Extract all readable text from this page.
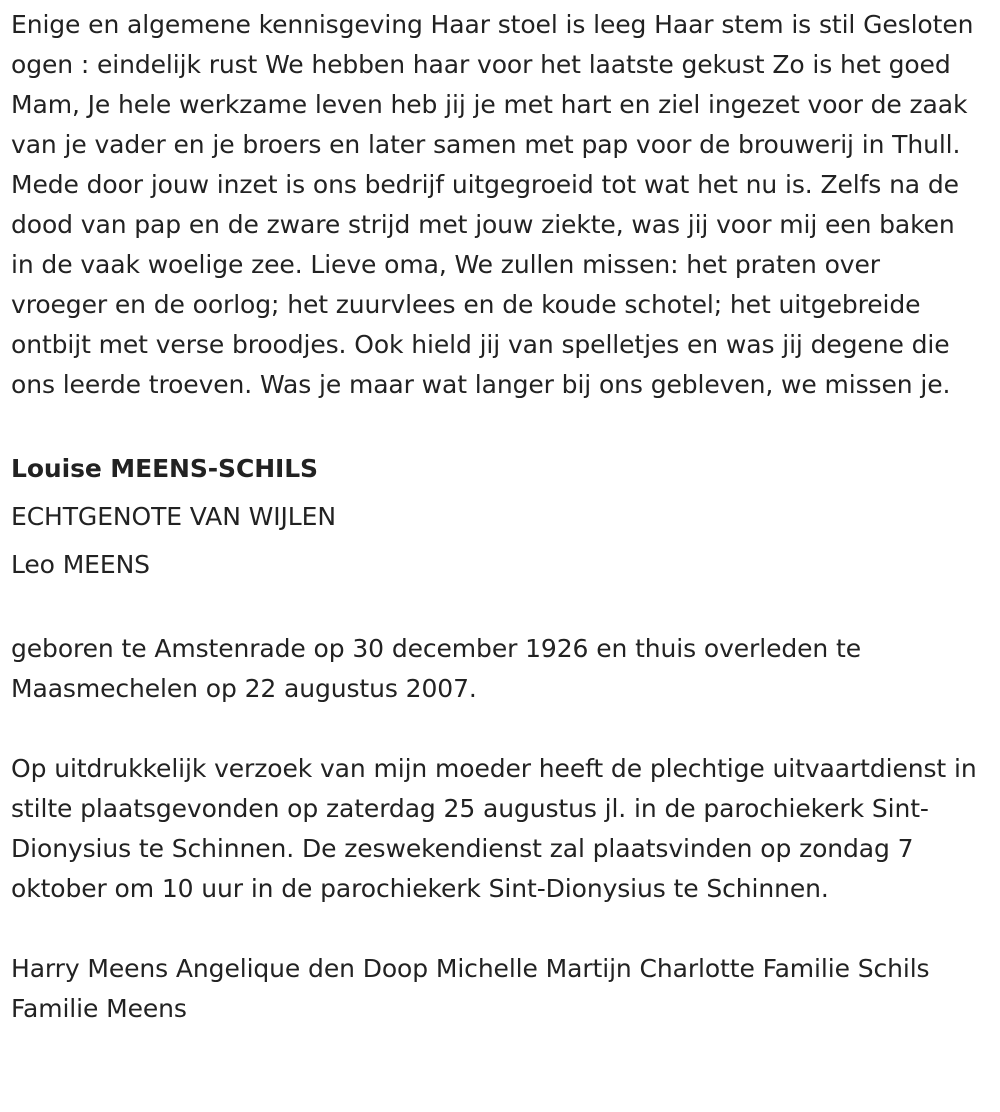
Enige en algemene kennisgeving Haar stoel is leeg Haar stem is stil Gesloten ogen : eindelijk rust We hebben haar voor het laatste gekust Zo is het goed Mam, Je hele werkzame leven heb jij je met hart en ziel ingezet voor de zaak van je vader en je broers en later samen met pap voor de brouwerij in Thull. Mede door jouw inzet is ons bedrijf uitgegroeid tot wat het nu is. Zelfs na de dood van pap en de zware strijd met jouw ziekte, was jij voor mij een baken in de vaak woelige zee. Lieve oma, We zullen missen: het praten over vroeger en de oorlog; het zuurvlees en de koude schotel; het uitgebreide ontbijt met verse broodjes. Ook hield jij van spelletjes en was jij degene die ons leerde troeven. Was je maar wat langer bij ons gebleven, we missen je.

Louise MEENS-SCHILS

ECHTGENOTE VAN WIJLEN

Leo MEENS

geboren te Amstenrade op 30 december 1926 en thuis overleden te Maasmechelen op 22 augustus 2007.

Op uitdrukkelijk verzoek van mijn moeder heeft de plechtige uitvaartdienst in stilte plaatsgevonden op zaterdag 25 augustus jl. in de parochiekerk Sint-Dionysius te Schinnen. De zeswekendienst zal plaatsvinden op zondag 7 oktober om 10 uur in de parochiekerk Sint-Dionysius te Schinnen.

Harry Meens Angelique den Doop Michelle Martijn Charlotte Familie Schils Familie Meens
